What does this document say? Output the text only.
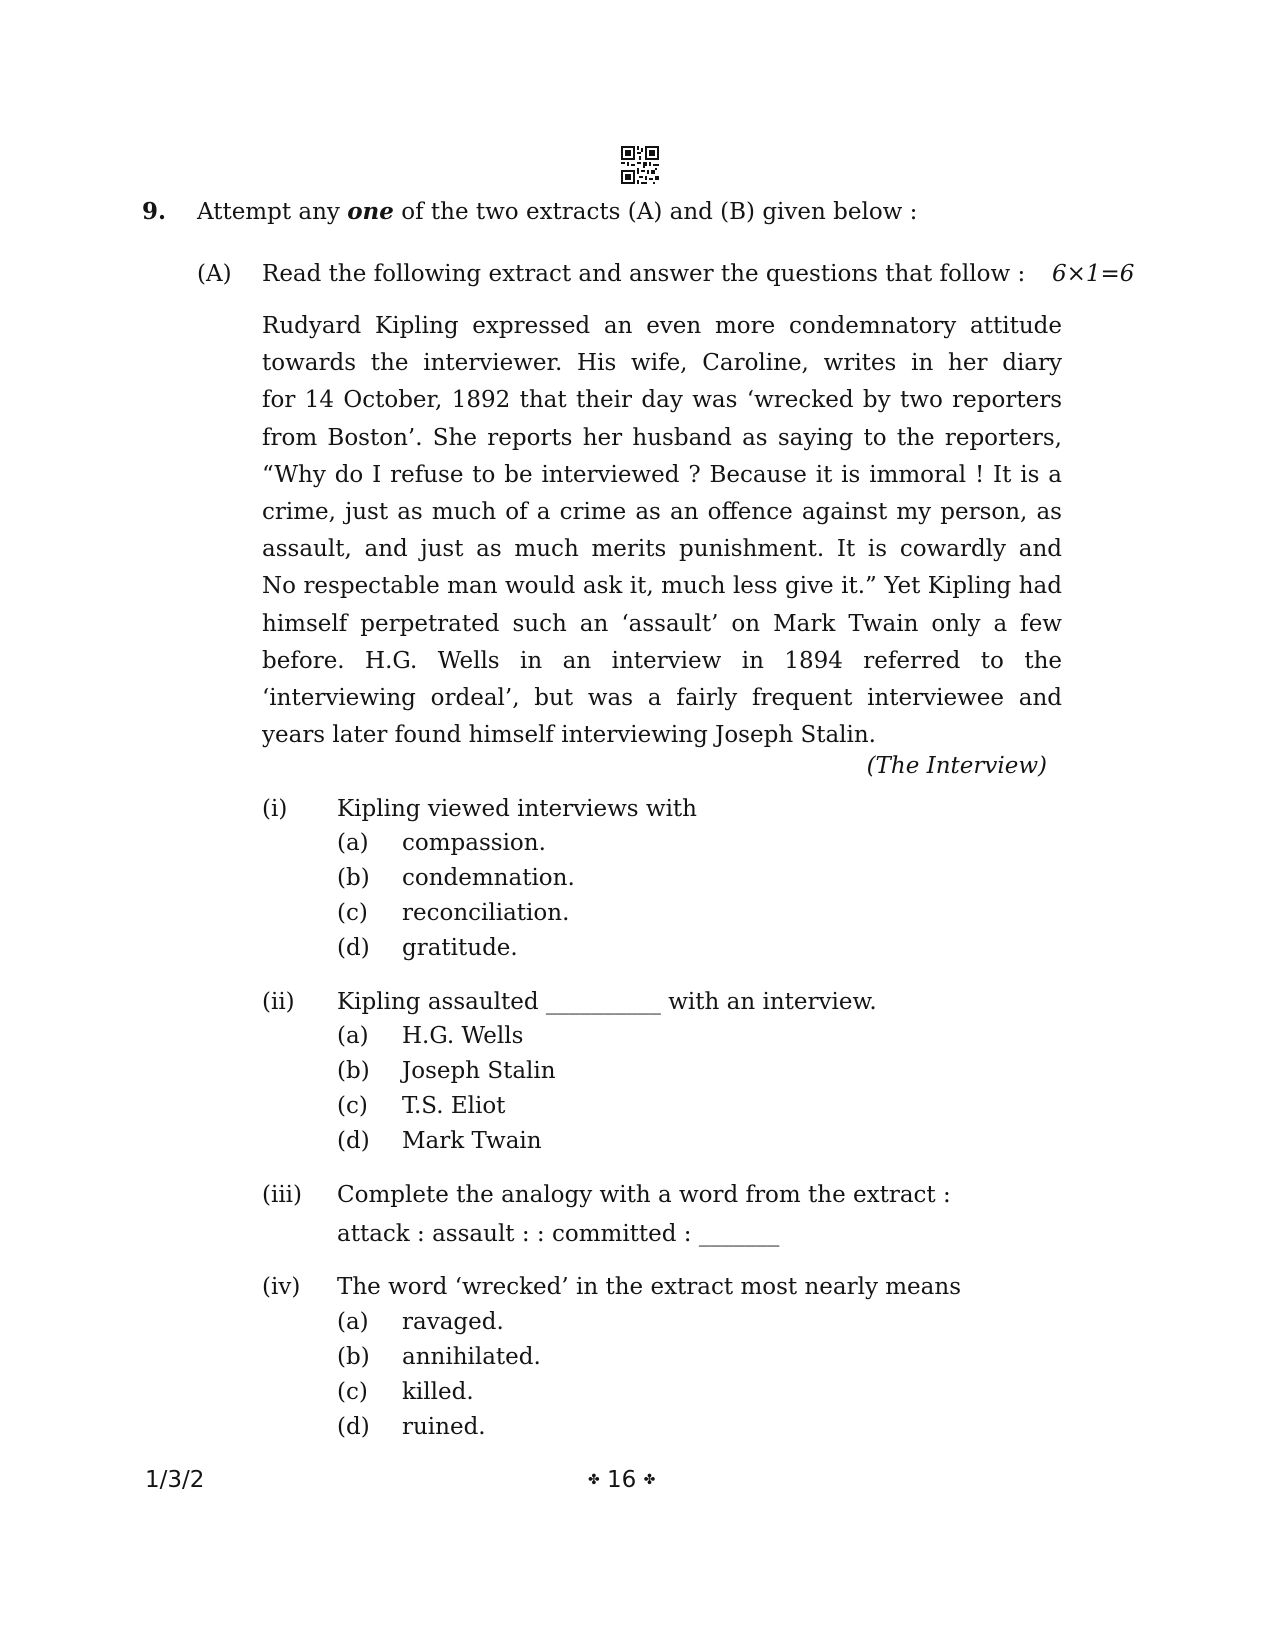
9. Attempt any one of the two extracts (A) and (B) given below :
(A) Read the following extract and answer the questions that follow : 6×1=6
Rudyard Kipling expressed an even more condemnatory attitude
towards the interviewer. His wife, Caroline, writes in her diary
for 14 October, 1892 that their day was ‘wrecked by two reporters
from Boston’. She reports her husband as saying to the reporters,
“Why do I refuse to be interviewed ? Because it is immoral ! It is a
crime, just as much of a crime as an offence against my person, as
assault, and just as much merits punishment. It is cowardly and
No respectable man would ask it, much less give it.” Yet Kipling had
himself perpetrated such an ‘assault’ on Mark Twain only a few
before. H.G. Wells in an interview in 1894 referred to the
‘interviewing ordeal’, but was a fairly frequent interviewee and
years later found himself interviewing Joseph Stalin.
(The Interview)
(i) Kipling viewed interviews with
(a) compassion.
(b) condemnation.
(c) reconciliation.
(d) gratitude.
(ii) Kipling assaulted __________ with an interview.
(a) H.G. Wells
(b) Joseph Stalin
(c) T.S. Eliot
(d) Mark Twain
(iii) Complete the analogy with a word from the extract :
attack : assault : : committed : _______
(iv) The word ‘wrecked’ in the extract most nearly means
(a) ravaged.
(b) annihilated.
(c) killed.
(d) ruined.
1/3/2	✤ 16 ✤
